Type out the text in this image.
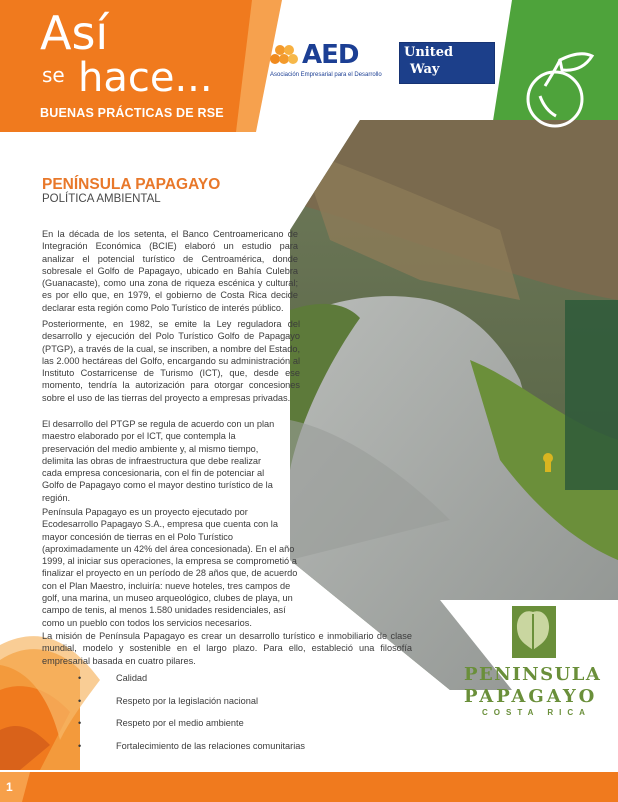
Así
se hace...
BUENAS PRÁCTICAS DE RSE
AED
Asociación Empresarial para el Desarrollo
United
Way
PENÍNSULA PAPAGAYO
POLÍTICA AMBIENTAL

En la década de los setenta, el Banco Centroamericano de Integración Económica (BCIE) elaboró un estudio para analizar el potencial turístico de Centroamérica, donde sobresale el Golfo de Papagayo, ubicado en Bahía Culebra (Guanacaste), como una zona de riqueza escénica y cultural; es por ello que, en 1979, el gobierno de Costa Rica decide declarar esta región como Polo Turístico de interés público.

Posteriormente, en 1982, se emite la Ley reguladora del desarrollo y ejecución del Polo Turístico Golfo de Papagayo (PTGP), a través de la cual, se inscriben, a nombre del Estado, las 2.000 hectáreas del Golfo, encargando su administración al Instituto Costarricense de Turismo (ICT), que, desde ese momento, tendría la autorización para otorgar concesiones sobre el uso de las tierras del proyecto a empresas privadas.

El desarrollo del PTGP se regula de acuerdo con un plan maestro elaborado por el ICT, que contempla la preservación del medio ambiente y, al mismo tiempo, delimita las obras de infraestructura que debe realizar cada empresa concesionaria, con el fin de potenciar al Golfo de Papagayo como el mayor destino turístico de la región.

Península Papagayo es un proyecto ejecutado por Ecodesarrollo Papagayo S.A., empresa que cuenta con la mayor concesión de tierras en el Polo Turístico (aproximadamente un 42% del área concesionada). En el año 1999, al iniciar sus operaciones, la empresa se comprometió a finalizar el proyecto en un período de 28 años que, de acuerdo con el Plan Maestro, incluiría: nueve hoteles, tres campos de golf, una marina, un museo arqueológico, clubes de playa, un campo de tenis, al menos 1.580 unidades residenciales, así como un pueblo con todos los servicios necesarios.

La misión de Península Papagayo es crear un desarrollo turístico e inmobiliario de clase mundial, modelo y sostenible en el largo plazo. Para ello, estableció una filosofía empresarial basada en cuatro pilares.

•	Calidad
•	Respeto por la legislación nacional
•	Respeto por el medio ambiente
•	Fortalecimiento de las relaciones comunitarias
PENINSULA
PAPAGAYO
COSTA RICA
1
